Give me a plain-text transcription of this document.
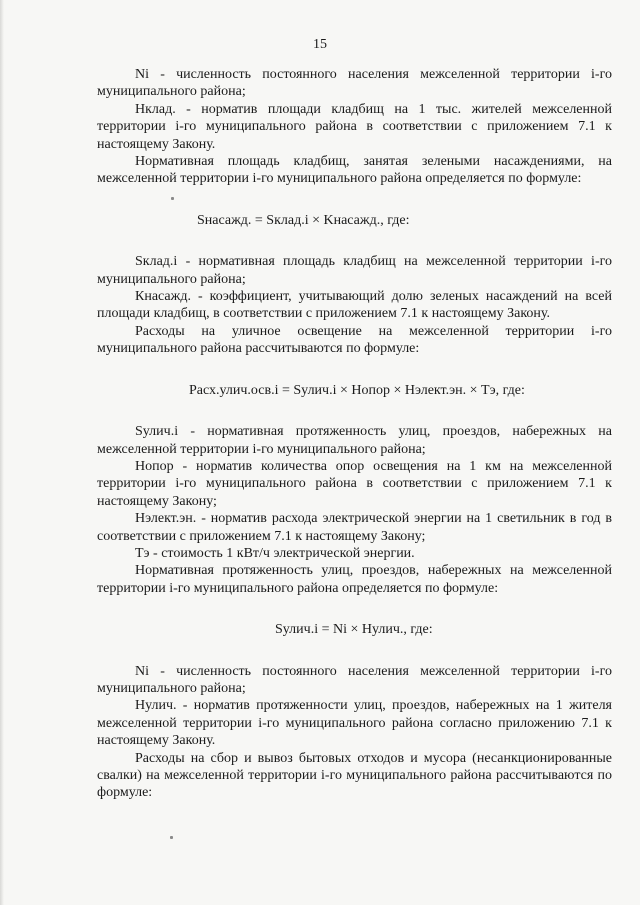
15

Ni - численность постоянного населения межселенной территории i-го муниципального района;

Нклад. - норматив площади кладбищ на 1 тыс. жителей межселенной территории i-го муниципального района в соответствии с приложением 7.1 к настоящему Закону.

Нормативная площадь кладбищ, занятая зелеными насаждениями, на межселенной территории i-го муниципального района определяется по формуле:

Sнасажд. = Sклад.i × Kнасажд., где:

Sклад.i - нормативная площадь кладбищ на межселенной территории i-го муниципального района;

Кнасажд. - коэффициент, учитывающий долю зеленых насаждений на всей площади кладбищ, в соответствии с приложением 7.1 к настоящему Закону.

Расходы на уличное освещение на межселенной территории i-го муниципального района рассчитываются по формуле:

Расх.улич.осв.i = Sулич.i × Нопор × Нэлект.эн. × Тэ, где:

Sулич.i - нормативная протяженность улиц, проездов, набережных на межселенной территории i-го муниципального района;

Нопор - норматив количества опор освещения на 1 км на межселенной территории i-го муниципального района в соответствии с приложением 7.1 к настоящему Закону;

Нэлект.эн. - норматив расхода электрической энергии на 1 светильник в год в соответствии с приложением 7.1 к настоящему Закону;

Тэ - стоимость 1 кВт/ч электрической энергии.

Нормативная протяженность улиц, проездов, набережных на межселенной территории i-го муниципального района определяется по формуле:

Sулич.i = Ni × Нулич., где:

Ni - численность постоянного населения межселенной территории i-го муниципального района;

Нулич. - норматив протяженности улиц, проездов, набережных на 1 жителя межселенной территории i-го муниципального района согласно приложению 7.1 к настоящему Закону.

Расходы на сбор и вывоз бытовых отходов и мусора (несанкционированные свалки) на межселенной территории i-го муниципального района рассчитываются по формуле:
